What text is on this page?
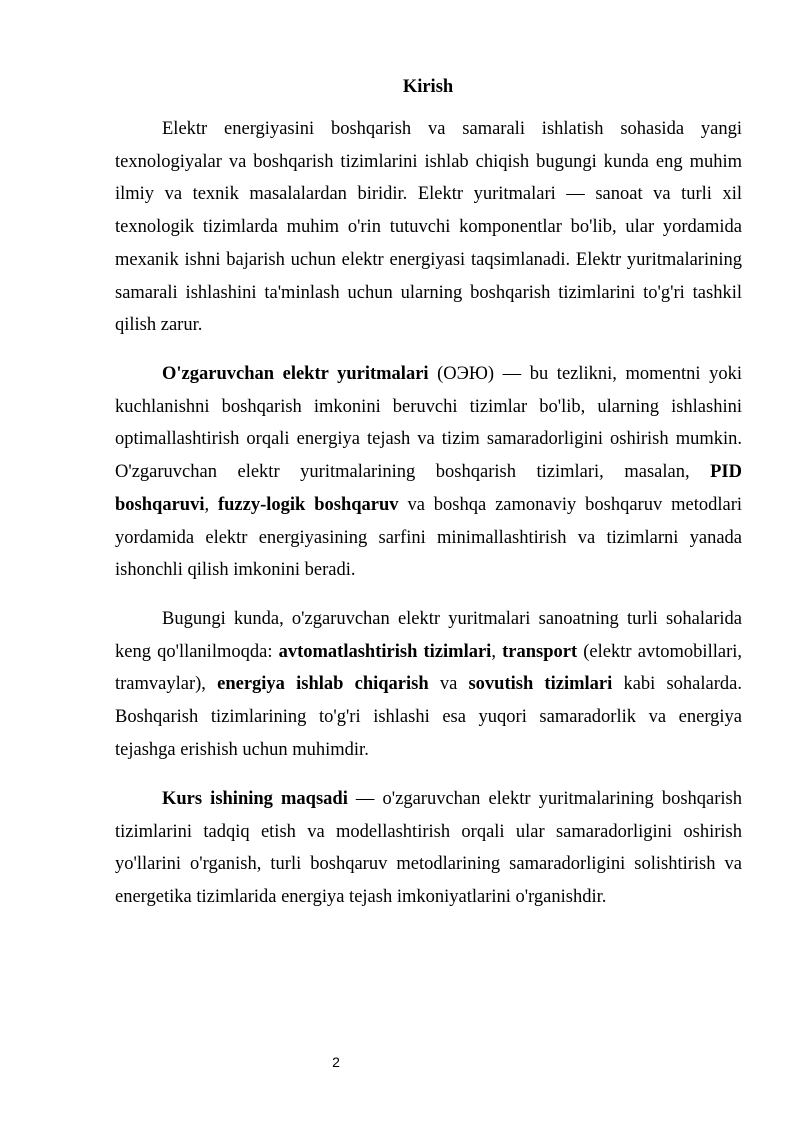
Kirish

Elektr energiyasini boshqarish va samarali ishlatish sohasida yangi texnologiyalar va boshqarish tizimlarini ishlab chiqish bugungi kunda eng muhim ilmiy va texnik masalalardan biridir. Elektr yuritmalari — sanoat va turli xil texnologik tizimlarda muhim o'rin tutuvchi komponentlar bo'lib, ular yordamida mexanik ishni bajarish uchun elektr energiyasi taqsimlanadi. Elektr yuritmalarining samarali ishlashini ta'minlash uchun ularning boshqarish tizimlarini to'g'ri tashkil qilish zarur.

O'zgaruvchan elektr yuritmalari (ОЭЮ) — bu tezlikni, momentni yoki kuchlanishni boshqarish imkonini beruvchi tizimlar bo'lib, ularning ishlashini optimallashtirish orqali energiya tejash va tizim samaradorligini oshirish mumkin. O'zgaruvchan elektr yuritmalarining boshqarish tizimlari, masalan, PID boshqaruvi, fuzzy-logik boshqaruv va boshqa zamonaviy boshqaruv metodlari yordamida elektr energiyasining sarfini minimallashtirish va tizimlarni yanada ishonchli qilish imkonini beradi.

Bugungi kunda, o'zgaruvchan elektr yuritmalari sanoatning turli sohalarida keng qo'llanilmoqda: avtomatlashtirish tizimlari, transport (elektr avtomobillari, tramvaylar), energiya ishlab chiqarish va sovutish tizimlari kabi sohalarda. Boshqarish tizimlarining to'g'ri ishlashi esa yuqori samaradorlik va energiya tejashga erishish uchun muhimdir.

Kurs ishining maqsadi — o'zgaruvchan elektr yuritmalarining boshqarish tizimlarini tadqiq etish va modellashtirish orqali ular samaradorligini oshirish yo'llarini o'rganish, turli boshqaruv metodlarining samaradorligini solishtirish va energetika tizimlarida energiya tejash imkoniyatlarini o'rganishdir.

2
